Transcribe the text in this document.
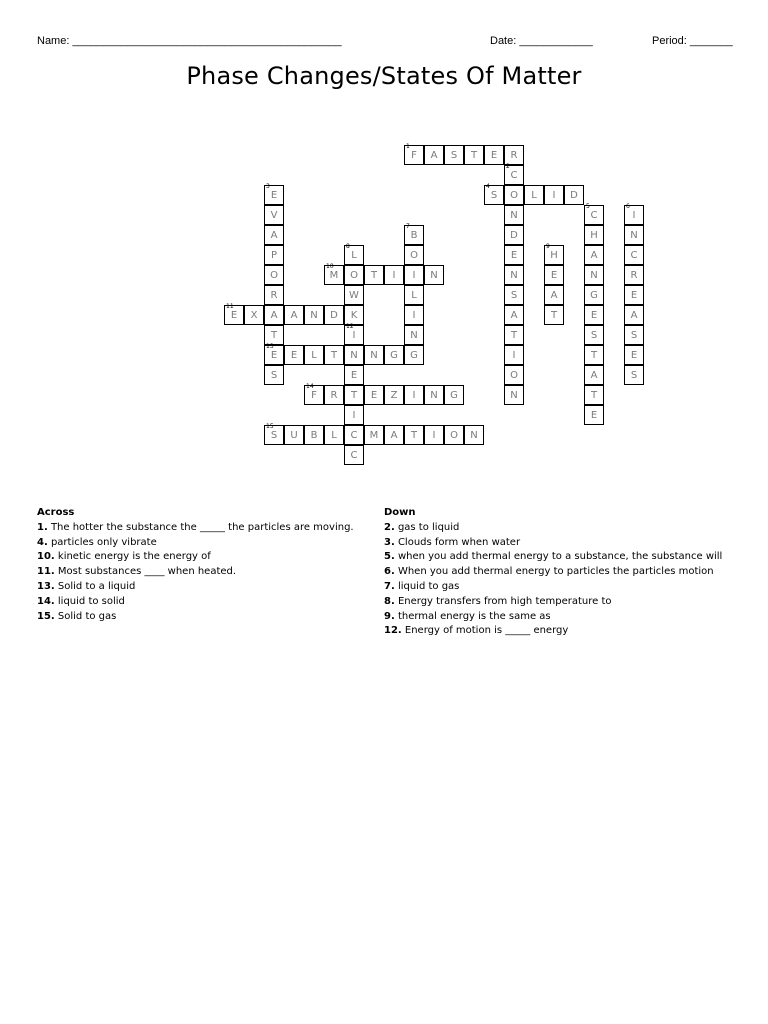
Name: ____________________________________________	Date: ____________	Period: _______
Phase Changes/States Of Matter
F
1
A	S	T	E	R
C
2
O
N
D
E
N
S
A
T
I
O
N
E
3
V
A
P
O
R
A
T
E
13
S
S
4
L	I	D
C
5
H
A
N
G
E
S
T
A
T
E
I
6
N
C
R
E
A
S
E
S
B
7
O
I
L
I
N
G
L
8
O
W
K
I
12
N
E
T
I
C
H
9
E
A
T
M
10
T	I	N
E
11
X	A	N	D
C
E	L	T	N	G
F
14
R	E	Z	I	N	G
S
15
U	B	L	M	A	T	I	O	N
Across
1. The hotter the substance the _____ the particles are moving.
4. particles only vibrate
10. kinetic energy is the energy of
11. Most substances ____ when heated.
13. Solid to a liquid
14. liquid to solid
15. Solid to gas
Down
2. gas to liquid
3. Clouds form when water
5. when you add thermal energy to a substance, the substance will
6. When you add thermal energy to particles the particles motion
7. liquid to gas
8. Energy transfers from high temperature to
9. thermal energy is the same as
12. Energy of motion is _____ energy
